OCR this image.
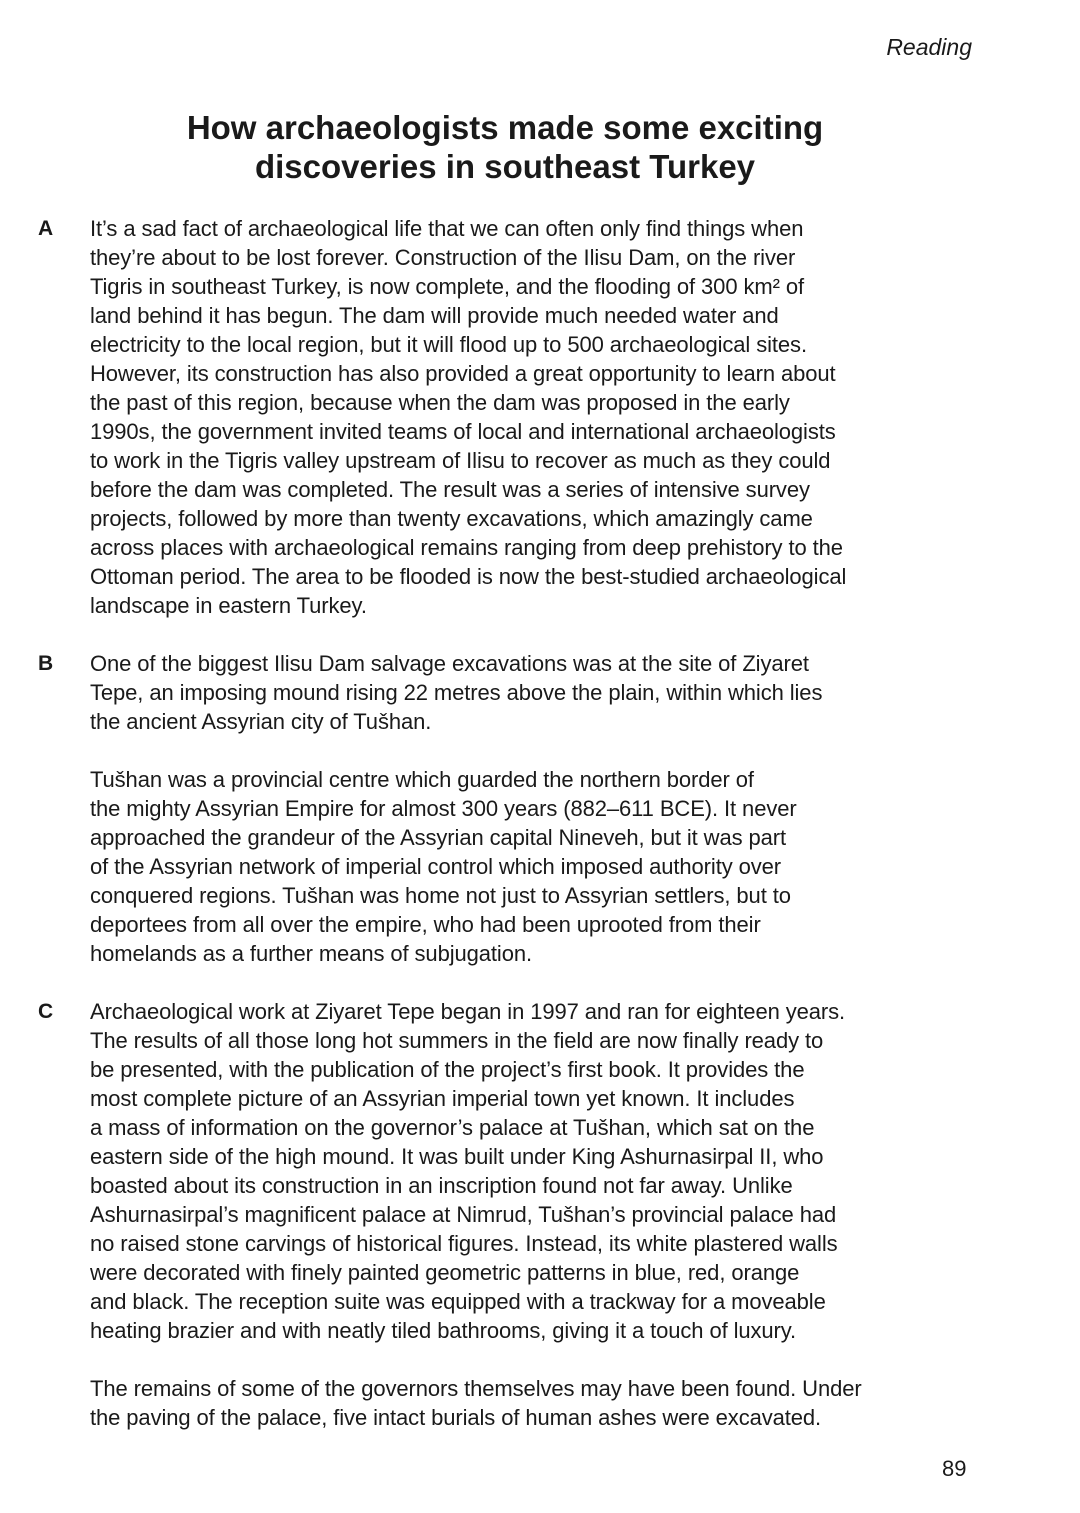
Reading
How archaeologists made some exciting
discoveries in southeast Turkey
A It’s a sad fact of archaeological life that we can often only find things when
they’re about to be lost forever. Construction of the Ilisu Dam, on the river
Tigris in southeast Turkey, is now complete, and the flooding of 300 km² of
land behind it has begun. The dam will provide much needed water and
electricity to the local region, but it will flood up to 500 archaeological sites.
However, its construction has also provided a great opportunity to learn about
the past of this region, because when the dam was proposed in the early
1990s, the government invited teams of local and international archaeologists
to work in the Tigris valley upstream of Ilisu to recover as much as they could
before the dam was completed. The result was a series of intensive survey
projects, followed by more than twenty excavations, which amazingly came
across places with archaeological remains ranging from deep prehistory to the
Ottoman period. The area to be flooded is now the best-studied archaeological
landscape in eastern Turkey.
B One of the biggest Ilisu Dam salvage excavations was at the site of Ziyaret
Tepe, an imposing mound rising 22 metres above the plain, within which lies
the ancient Assyrian city of Tušhan.
Tušhan was a provincial centre which guarded the northern border of
the mighty Assyrian Empire for almost 300 years (882–611 BCE). It never
approached the grandeur of the Assyrian capital Nineveh, but it was part
of the Assyrian network of imperial control which imposed authority over
conquered regions. Tušhan was home not just to Assyrian settlers, but to
deportees from all over the empire, who had been uprooted from their
homelands as a further means of subjugation.
C Archaeological work at Ziyaret Tepe began in 1997 and ran for eighteen years.
The results of all those long hot summers in the field are now finally ready to
be presented, with the publication of the project’s first book. It provides the
most complete picture of an Assyrian imperial town yet known. It includes
a mass of information on the governor’s palace at Tušhan, which sat on the
eastern side of the high mound. It was built under King Ashurnasirpal II, who
boasted about its construction in an inscription found not far away. Unlike
Ashurnasirpal’s magnificent palace at Nimrud, Tušhan’s provincial palace had
no raised stone carvings of historical figures. Instead, its white plastered walls
were decorated with finely painted geometric patterns in blue, red, orange
and black. The reception suite was equipped with a trackway for a moveable
heating brazier and with neatly tiled bathrooms, giving it a touch of luxury.
The remains of some of the governors themselves may have been found. Under
the paving of the palace, five intact burials of human ashes were excavated.
89
